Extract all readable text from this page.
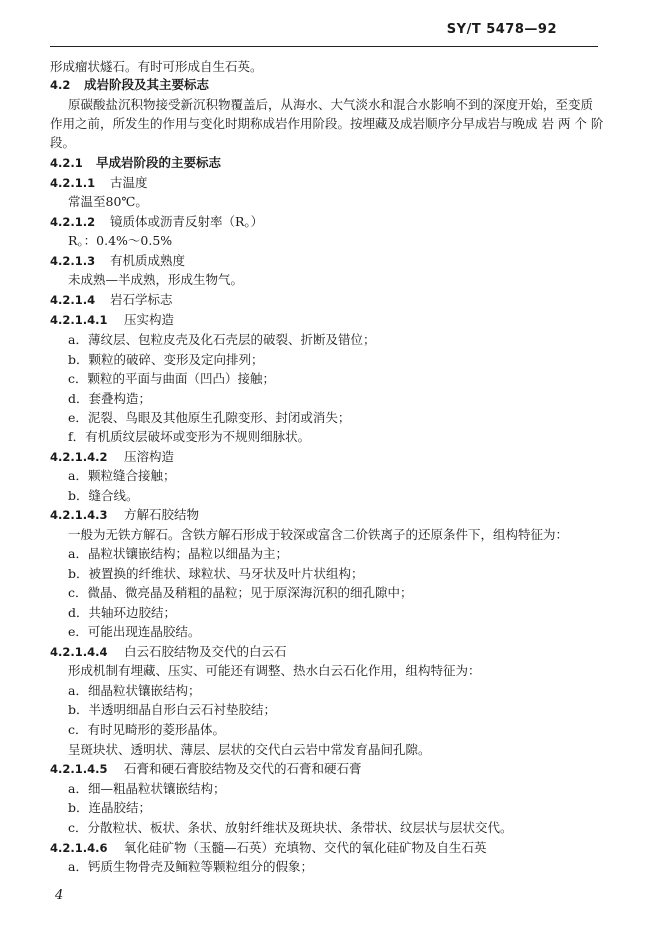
SY/T 5478—92
形成瘤状燧石。有时可形成自生石英。
4.2 成岩阶段及其主要标志
原碳酸盐沉积物接受新沉积物覆盖后，从海水、大气淡水和混合水影响不到的深度开始，至变质
作用之前，所发生的作用与变化时期称成岩作用阶段。按埋藏及成岩顺序分早成岩与晚成 岩 两 个 阶
段。
4.2.1 早成岩阶段的主要标志
4.2.1.1 古温度
常温至80℃。
4.2.1.2 镜质体或沥青反射率（R。）
R。：0.4%～0.5%
4.2.1.3 有机质成熟度
未成熟—半成熟，形成生物气。
4.2.1.4 岩石学标志
4.2.1.4.1 压实构造
a．薄纹层、包粒皮壳及化石壳层的破裂、折断及错位；
b．颗粒的破碎、变形及定向排列；
c．颗粒的平面与曲面（凹凸）接触；
d．套叠构造；
e．泥裂、鸟眼及其他原生孔隙变形、封闭或消失；
f．有机质纹层破坏或变形为不规则细脉状。
4.2.1.4.2 压溶构造
a．颗粒缝合接触；
b．缝合线。
4.2.1.4.3 方解石胶结物
一般为无铁方解石。含铁方解石形成于较深或富含二价铁离子的还原条件下，组构特征为：
a．晶粒状镶嵌结构；晶粒以细晶为主；
b．被置换的纤维状、球粒状、马牙状及叶片状组构；
c．微晶、微亮晶及稍粗的晶粒；见于原深海沉积的细孔隙中；
d．共轴环边胶结；
e．可能出现连晶胶结。
4.2.1.4.4 白云石胶结物及交代的白云石
形成机制有埋藏、压实、可能还有调整、热水白云石化作用，组构特征为：
a．细晶粒状镶嵌结构；
b．半透明细晶自形白云石衬垫胶结；
c．有时见畸形的菱形晶体。
呈斑块状、透明状、薄层、层状的交代白云岩中常发育晶间孔隙。
4.2.1.4.5 石膏和硬石膏胶结物及交代的石膏和硬石膏
a．细—粗晶粒状镶嵌结构；
b．连晶胶结；
c．分散粒状、板状、条状、放射纤维状及斑块状、条带状、纹层状与层状交代。
4.2.1.4.6 氧化硅矿物（玉髓—石英）充填物、交代的氧化硅矿物及自生石英
a．钙质生物骨壳及鲕粒等颗粒组分的假象；
4
